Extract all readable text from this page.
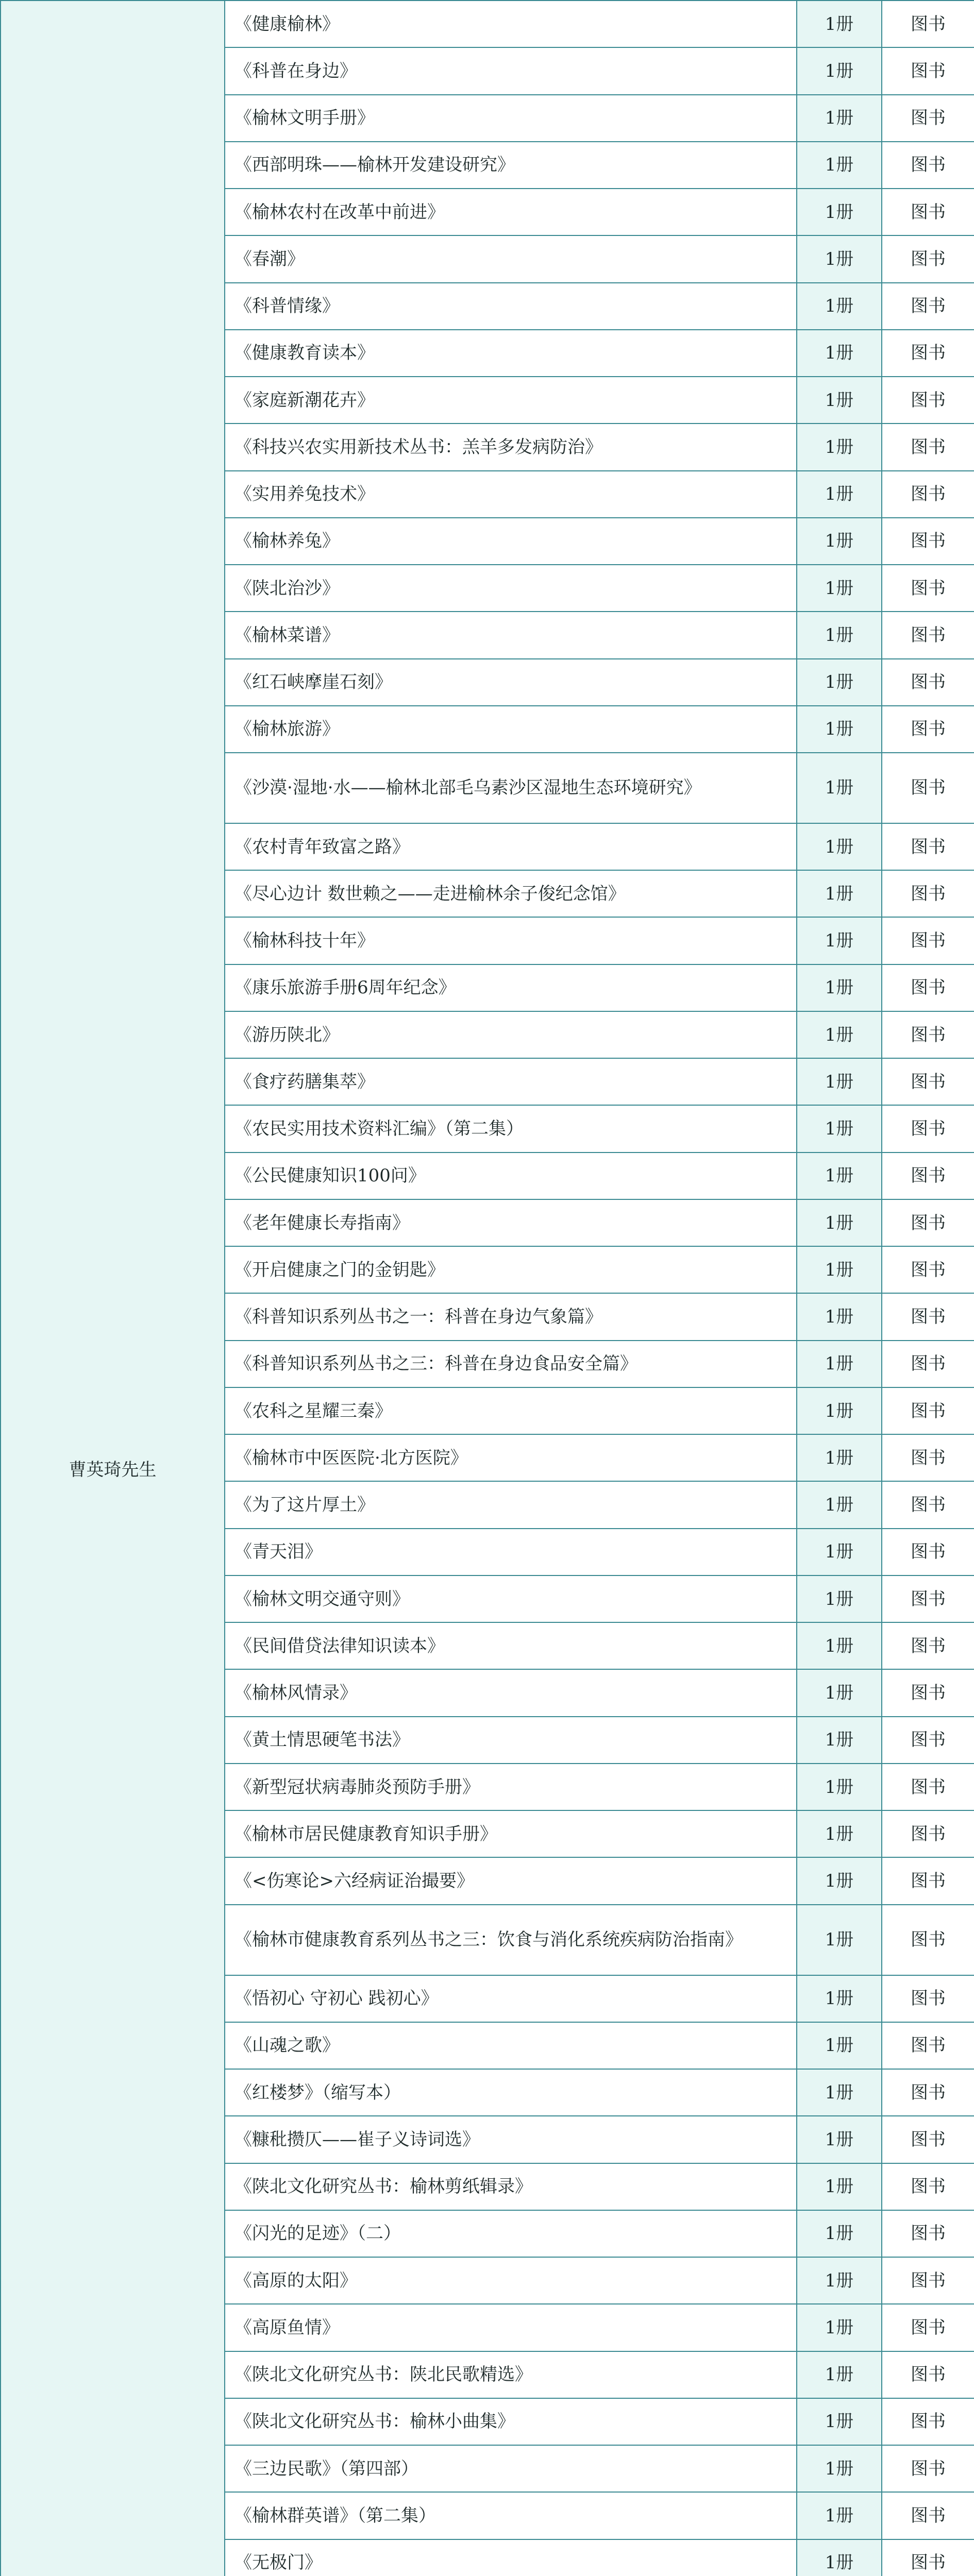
曹英琦先生	《健康榆林》	1册	图书
	《科普在身边》	1册	图书
	《榆林文明手册》	1册	图书
	《西部明珠——榆林开发建设研究》	1册	图书
	《榆林农村在改革中前进》	1册	图书
	《春潮》	1册	图书
	《科普情缘》	1册	图书
	《健康教育读本》	1册	图书
	《家庭新潮花卉》	1册	图书
	《科技兴农实用新技术丛书：羔羊多发病防治》	1册	图书
	《实用养兔技术》	1册	图书
	《榆林养兔》	1册	图书
	《陕北治沙》	1册	图书
	《榆林菜谱》	1册	图书
	《红石峡摩崖石刻》	1册	图书
	《榆林旅游》	1册	图书
	《沙漠·湿地·水——榆林北部毛乌素沙区湿地生态环境研究》	1册	图书
	《农村青年致富之路》	1册	图书
	《尽心边计 数世赖之——走进榆林余子俊纪念馆》	1册	图书
	《榆林科技十年》	1册	图书
	《康乐旅游手册6周年纪念》	1册	图书
	《游历陕北》	1册	图书
	《食疗药膳集萃》	1册	图书
	《农民实用技术资料汇编》（第二集）	1册	图书
	《公民健康知识100问》	1册	图书
	《老年健康长寿指南》	1册	图书
	《开启健康之门的金钥匙》	1册	图书
	《科普知识系列丛书之一：科普在身边气象篇》	1册	图书
	《科普知识系列丛书之三：科普在身边食品安全篇》	1册	图书
	《农科之星耀三秦》	1册	图书
	《榆林市中医医院·北方医院》	1册	图书
	《为了这片厚土》	1册	图书
	《青天泪》	1册	图书
	《榆林文明交通守则》	1册	图书
	《民间借贷法律知识读本》	1册	图书
	《榆林风情录》	1册	图书
	《黄土情思硬笔书法》	1册	图书
	《新型冠状病毒肺炎预防手册》	1册	图书
	《榆林市居民健康教育知识手册》	1册	图书
	《<伤寒论>六经病证治撮要》	1册	图书
	《榆林市健康教育系列丛书之三：饮食与消化系统疾病防治指南》	1册	图书
	《悟初心 守初心 践初心》	1册	图书
	《山魂之歌》	1册	图书
	《红楼梦》（缩写本）	1册	图书
	《糠秕攒仄——崔子义诗词选》	1册	图书
	《陕北文化研究丛书：榆林剪纸辑录》	1册	图书
	《闪光的足迹》（二）	1册	图书
	《高原的太阳》	1册	图书
	《高原鱼情》	1册	图书
	《陕北文化研究丛书：陕北民歌精选》	1册	图书
	《陕北文化研究丛书：榆林小曲集》	1册	图书
	《三边民歌》（第四部）	1册	图书
	《榆林群英谱》（第二集）	1册	图书
	《无极门》	1册	图书
